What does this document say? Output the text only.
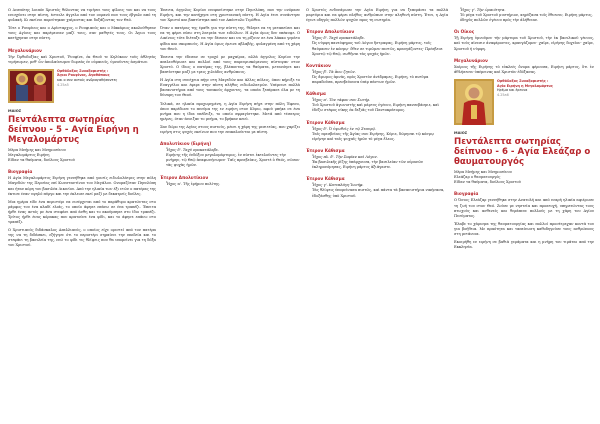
Ο Δεσπότης λοιπόν Χριστός θέλοντας να τιμήσει τους φίλους του και να τους ενισχύσει στην πίστη, έστειλε άγγελο από τον ουρανό που τους έβγαλε από τη φυλακή. Κι εκείνοι πορεύτηκαν χαίροντας και δοξάζοντας τον Θεό.

Τότε ο Ρουφίνος και ο Αρίσταρχος, ο Ρουφιανός και ο Μακάριος ακολούθησαν τους Αγίους και παρέμειναν μαζί τους, σαν μαθητές τους. Οι Άγιοι τους κατήχησαν στην πίστη.

Μεγαλυνάριον

Τὴν Ὀρθοδοξίας καὶ Χριστοῦ, Ῥουφίνε, ἐκ Θεοῦ τε Κηλύκιον τοὺς ἀθλητὰς τιμήσωμεν, μεθ' ὧν ἀπολαύσωμεν δωρεὰς ἐν οὐρανοῖς, ὑμνοῦντες ἀσμάτων.

Ορθόδοξος Συναξαριστής :
Άγιοι Ρουφίνος, Αγαθόπους
και ο συν αυτοίς ανδραγαθήσαντες
4.25a5
ΜΑΙΟΣ
Πεντάλεπτα σωτηρίας δείπνου - 5 - Αγία Ειρήνη η Μεγαλομάρτυς
Μέρα Μνήμης και Μνημοσύνου
Μεγαλομάρτυς Ειρήνη
Είδαν τα θαύματα, δούλους Χριστού
Βιογραφία

Η Αγία Μεγαλομάρτυς Ειρήνη γεννήθηκε από γονείς ειδωλολάτρες στην πόλη Μαγεδών της Περσίας επί Κωνσταντίνου του Μεγάλου. Ονομαζόταν Πηνελόπη και ήταν κόρη του βασιλέα Λικινίου. Από την ηλικία των έξι ετών ο πατέρας της έκτισε έναν υψηλό πύργο και την έκλεισε εκεί μαζί με δεκατρείς δούλες.

Μια ημέρα είδε ένα περιστέρι να εισέρχεται από το παράθυρο κρατώντας στο ράμφος του ένα κλαδί ελιάς, το οποίο άφησε επάνω σε ένα τραπέζι. Έπειτα ήρθε ένας αετός με ένα στεφάνι από άνθη και το ακούμπησε στο ίδιο τραπέζι. Τρίτος ήρθε ένας κόρακας που κρατούσε ένα φίδι, και το άφησε επάνω στο τραπέζι.

Ο Χριστιανός διδάσκαλος Απελλιανός, ο οποίος είχε οριστεί από τον πατέρα της να τη διδάσκει, εξήγησε ότι το περιστέρι σημαίνει την παιδεία και το στεφάνι τη βασιλεία της, ενώ το φίδι τις θλίψεις που θα υπομείνει για τη δόξα του Χριστού.

Έπειτα, άγγελος Κυρίου ενεφανίστηκε στην Πηνελόπη, που την ονόμασε Ειρήνη, και την κατήχησε στη χριστιανική πίστη. Η Αγία έτσι συνάντησε τον Χριστό και βαπτίστηκε από τον Απόστολο Τιμόθεο.

Όταν ο πατέρας της έμαθε για την πίστη της, θέλησε να τη μεταπείσει και να τη φέρει πίσω στη λατρεία των ειδώλων. Η Αγία όμως δεν υπέκυψε. Ο Λικίνιος τότε διέταξε να την δέσουν και να τη ρίξουν σε ένα λάκκο γεμάτο φίδια και σκορπιούς. Η Αγία όμως έμεινε αβλαβής, φυλαγμένη από τη χάρη του Θεού.

Έπειτα την έδεσαν σε τροχό με μαχαίρια, αλλά άγγελος Κυρίου την απελευθέρωσε και πολλοί από τους παρευρισκόμενους πίστεψαν στον Χριστό. Ο ίδιος ο πατέρας της, βλέποντας τα θαύματα, μετανόησε και βαπτίστηκε μαζί με τρεις χιλιάδες ανθρώπους.

Η Αγία στη συνέχεια πήγε στη Μαγεδών και άλλες πόλεις, όπου κήρυξε το Ευαγγέλιο και έφερε στην πίστη πλήθος ειδωλολατρών. Υπέμεινε πολλά βασανιστήρια από τους τοπικούς άρχοντες, τα οποία ξεπέρασε όλα με τη δύναμη του Θεού.

Τελικά, σε ηλικία προχωρημένη, η Αγία Ειρήνη πήγε στην πόλη Έφεσο, όπου παρέδωσε το πνεύμα της εν ειρήνη στον Κύριο, αφού μπήκε σε ένα μνήμα που η ίδια υπέδειξε, το οποίο σφραγίστηκε. Μετά από τέσσερις ημέρες, όταν άνοιξαν το μνήμα, το βρήκαν κενό.

Σαν δώρο της Αγίας στους πιστούς, μένει η χάρη της μεσιτείας, που χαρίζει ειρήνη στις ψυχές εκείνων που την επικαλούνται με πίστη.

Απολυτίκιον (Ειρήνη)
Ἦχος δ'. Ταχὺ προκατάλαβε.
Ειρήνης τῆς ἐνδόξου μεγαλομάρτυρος, ἐν πίστει ἐκτελοῦντες τὴν μνήμην, τῷ Θεῷ ἀναφωνήσωμεν· Ταῖς πρεσβείαις, Χριστέ ὁ Θεός, σῶσον τὰς ψυχὰς ἡμῶν.
Έτερον Απολυτίκιον
Ἦχος α'. Τῆς ἐρήμου πολίτης.

Ο Χριστός ενδυνάμωσε την Αγία Ειρήνη για να ξεπεράσει τα πολλά μαρτύρια και να φέρει πλήθος ανθρώπων στην αληθινή πίστη. Έτσι, η Αγία έγινε οδηγός πολλών ψυχών προς τη σωτηρία.

Έτερον Απολυτίκιον
Ἦχος δ'. Ταχὺ προκατάλαβε.
Ὡς νύμφη πανεύφημος τοῦ Λόγου ἤστραψας, Ειρήνη μάρτυς, τοῖς θαύμασιν ἐν κόσμῳ· ὅθεν σε τιμῶμεν πιστῶς, κραυγάζοντες· Πρέσβευε Χριστῷ τῷ Θεῷ, σωθῆναι τὰς ψυχὰς ἡμῶν.
Κοντάκιον
Ἦχος β'. Τὰ ἄνω ζητῶν.
Ὡς ἄμωμος ἀμνάς, πρὸς Χριστὸν ἀνέδραμες, Ειρήνη, τὸ πνεῦμα παραδοῦσα, πρεσβεύουσα ὑπὲρ πάντων ἡμῶν.
Κάθισμα
Ἦχος α'. Τὸν τάφον σου Σωτήρ.
Τοῦ Χριστοῦ ἀγωνιστὴς καὶ μάρτυς ἐγένου, Ειρήνη πανσεβάσμιε, καὶ ἐδέξω στέφος νίκης ἐκ δεξιᾶς τοῦ Παντοκράτορος.
Έτερον Κάθισμα
Ἦχος δ'. Ὁ ὑψωθεὶς ἐν τῷ Σταυρῷ.
Ταῖς πρεσβείαις τῆς Ἁγίας σου Ειρήνης, Κύριε, δώρησαι τῷ κόσμῳ εἰρήνην καὶ ταῖς ψυχαῖς ἡμῶν τὸ μέγα ἔλεος.
Έτερον Κάθισμα
Ἦχος πλ. δ'. Τὴν Σοφίαν καὶ Λόγον.
Ἐκ βασιλικῆς ῥίζης ὑπάρχουσα, τὴν βασιλείαν τῶν οὐρανῶν ἐκληρονόμησας, Ειρήνη μάρτυς ἀξιάγαστε.
Έτερον Κάθισμα
Ἦχος γ'. Κατεπλάγη Ἰωσήφ.
Τὰς θλίψεις ὑπομείνασα πιστῶς, καὶ πάντα τὰ βασανιστήρια νικήσασα, ἐδοξάσθης ὑπὸ Χριστοῦ.
Ἦχος γ'. Τὴν ὡραιότητα.
Τὸ μέγα τοῦ Χριστοῦ μυστήριον, κηρύξασα τοῖς ἔθνεσιν, Ειρήνη μάρτυς, ὁδηγὸς πολλῶν ἐγένου πρὸς τὴν ἀλήθειαν.
Οι Οίκος

Τῇ Ειρήνῃ ὑμνοῦμεν τὴν μάρτυρα τοῦ Χριστοῦ, τὴν ἐκ βασιλικοῦ γένους, καὶ τοὺς αἰνεσιν ἀναφέροντες, κραυγάζομεν· χαῖρε, εἰρήνης δοχεῖον· χαῖρε, Χριστοῦ ἡ νύμφη.

Μεγαλυνάριον

Χαίροις τῆς Ειρήνης τὸ εὐκλεὲς ὄνομα φέρουσα, Ειρήνη μάρτυς, ὅτι ἐν ἀθλήσεσιν ὑπέμεινας καὶ Χριστὸν ἐδόξασας.

Ορθόδοξος Συναξαριστής :
Αγία Ειρήνη η Μεγαλομάρτυς
Ηρέμα και έρευνα
4.25a6
ΜΑΙΟΣ
Πεντάλεπτα σωτηρίας δείπνου - 6 - Αγία Ελεάζαρ ο θαυματουργός
Μέρα Μνήμης και Μνημοσύνου
Ελεάζαρ ο θαυματουργός
Είδαν τα θαύματα, δούλους Χριστού
Βιογραφία

Ο Όσιος Ελεάζαρ γεννήθηκε στην Ανατολή και από νεαρή ηλικία αφιέρωσε τη ζωή του στον Θεό. Ζούσε με νηστεία και προσευχή, υπηρετώντας τους πτωχούς και ασθενείς και θεράπευε πολλούς με τη χάρη του Αγίου Πνεύματος.

Έλαβε το χάρισμα της θαυματουργίας και πολλοί προσέτρεχαν κοντά του για βοήθεια. Με πραότητα και ταπείνωση καθοδηγούσε τους ανθρώπους στη μετάνοια.

Εκοιμήθη εν ειρήνη σε βαθιά γεράματα και η μνήμη του τιμάται από την Εκκλησία.
